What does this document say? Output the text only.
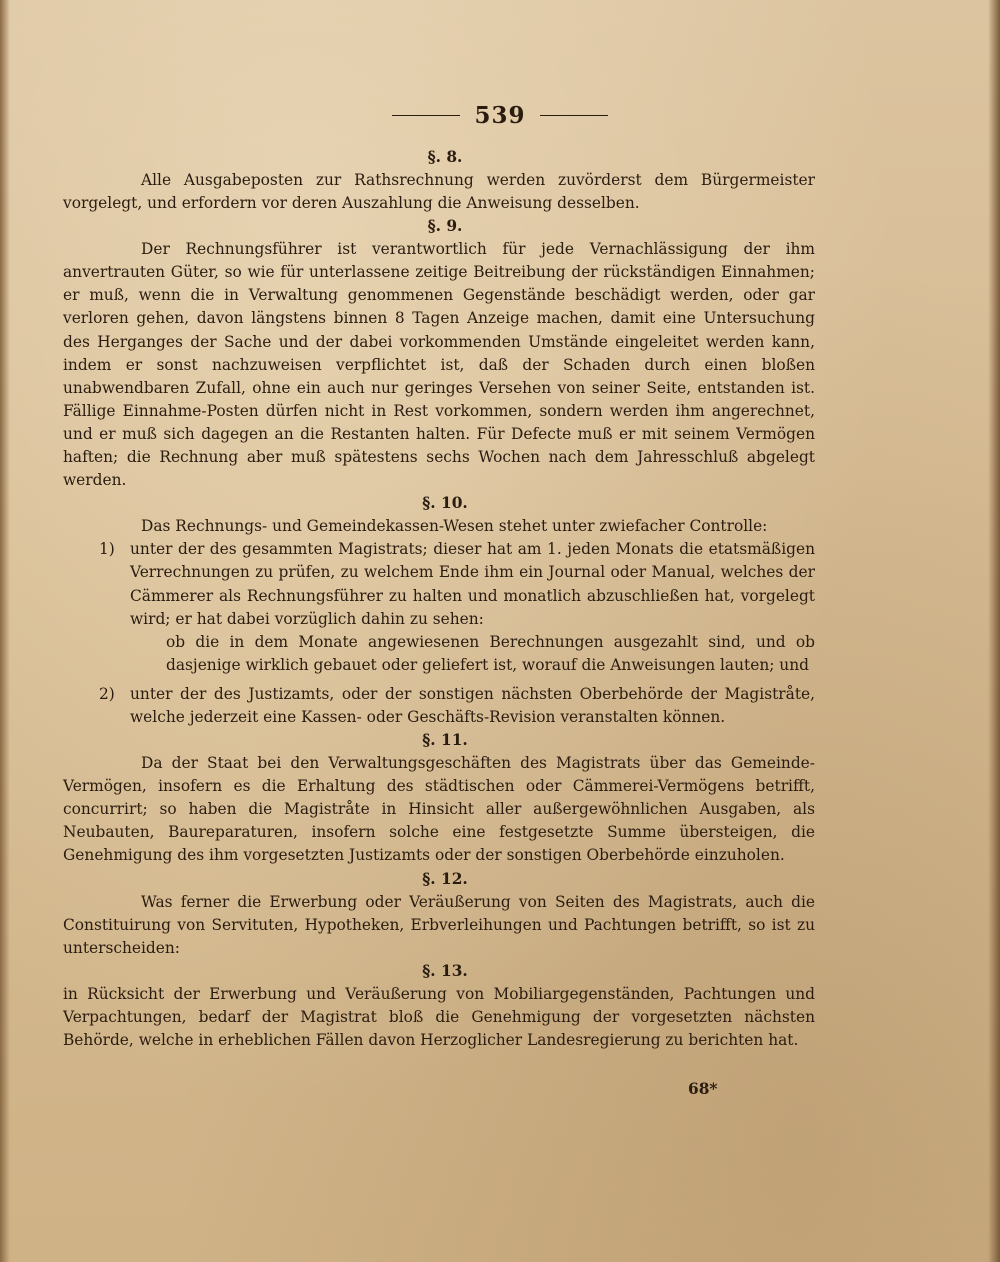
539
§. 8.
Alle Ausgabeposten zur Rathsrechnung werden zuvörderst dem Bürgermeister vorgelegt, und erfordern vor deren Auszahlung die Anweisung desselben.
§. 9.
Der Rechnungsführer ist verantwortlich für jede Vernachlässigung der ihm anvertrauten Güter, so wie für unterlassene zeitige Beitreibung der rückständigen Einnahmen; er muß, wenn die in Verwaltung genommenen Gegenstände beschädigt werden, oder gar verloren gehen, davon längstens binnen 8 Tagen Anzeige machen, damit eine Untersuchung des Herganges der Sache und der dabei vorkommenden Umstände eingeleitet werden kann, indem er sonst nachzuweisen verpflichtet ist, daß der Schaden durch einen bloßen unabwendbaren Zufall, ohne ein auch nur geringes Versehen von seiner Seite, entstanden ist. Fällige Einnahme-Posten dürfen nicht in Rest vorkommen, sondern werden ihm angerechnet, und er muß sich dagegen an die Restanten halten. Für Defecte muß er mit seinem Vermögen haften; die Rechnung aber muß spätestens sechs Wochen nach dem Jahresschluß abgelegt werden.
§. 10.
Das Rechnungs- und Gemeindekassen-Wesen stehet unter zwiefacher Controlle:
1) unter der des gesammten Magistrats; dieser hat am 1. jeden Monats die etatsmäßigen Verrechnungen zu prüfen, zu welchem Ende ihm ein Journal oder Manual, welches der Cämmerer als Rechnungsführer zu halten und monatlich abzuschließen hat, vorgelegt wird; er hat dabei vorzüglich dahin zu sehen:
ob die in dem Monate angewiesenen Berechnungen ausgezahlt sind, und ob dasjenige wirklich gebauet oder geliefert ist, worauf die Anweisungen lauten; und
2) unter der des Justizamts, oder der sonstigen nächsten Oberbehörde der Magistråte, welche jederzeit eine Kassen- oder Geschäfts-Revision veranstalten können.
§. 11.
Da der Staat bei den Verwaltungsgeschäften des Magistrats über das Gemeinde-Vermögen, insofern es die Erhaltung des städtischen oder Cämmerei-Vermögens betrifft, concurrirt; so haben die Magistråte in Hinsicht aller außergewöhnlichen Ausgaben, als Neubauten, Baureparaturen, insofern solche eine festgesetzte Summe übersteigen, die Genehmigung des ihm vorgesetzten Justizamts oder der sonstigen Oberbehörde einzuholen.
§. 12.
Was ferner die Erwerbung oder Veräußerung von Seiten des Magistrats, auch die Constituirung von Servituten, Hypotheken, Erbverleihungen und Pachtungen betrifft, so ist zu unterscheiden:
§. 13.
in Rücksicht der Erwerbung und Veräußerung von Mobiliargegenständen, Pachtungen und Verpachtungen, bedarf der Magistrat bloß die Genehmigung der vorgesetzten nächsten Behörde, welche in erheblichen Fällen davon Herzoglicher Landesregierung zu berichten hat.
68*
